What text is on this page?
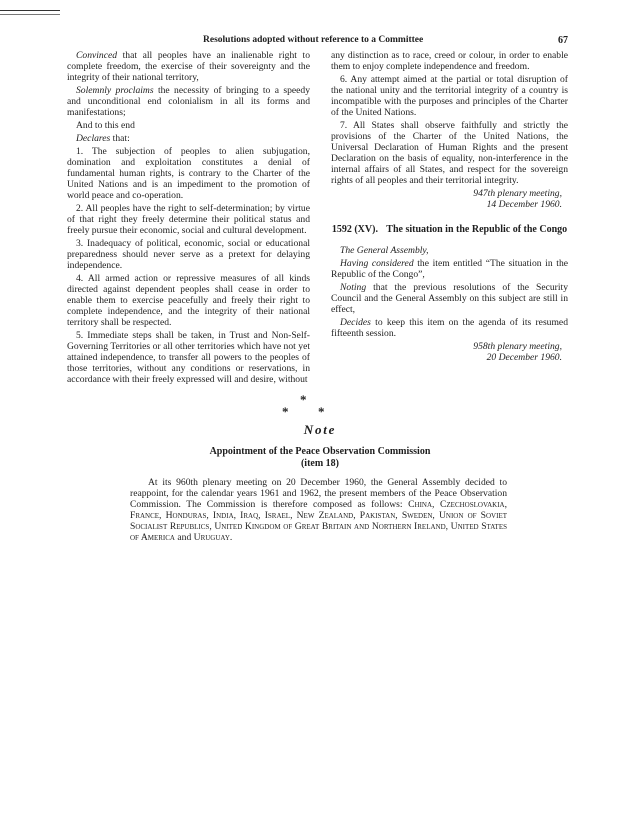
Resolutions adopted without reference to a Committee	67

Convinced that all peoples have an inalienable right to complete freedom, the exercise of their sovereignty and the integrity of their national territory,

Solemnly proclaims the necessity of bringing to a speedy and unconditional end colonialism in all its forms and manifestations;

And to this end

Declares that:

1. The subjection of peoples to alien subjugation, domination and exploitation constitutes a denial of fundamental human rights, is contrary to the Charter of the United Nations and is an impediment to the promotion of world peace and co-operation.

2. All peoples have the right to self-determination; by virtue of that right they freely determine their political status and freely pursue their economic, social and cultural development.

3. Inadequacy of political, economic, social or educational preparedness should never serve as a pretext for delaying independence.

4. All armed action or repressive measures of all kinds directed against dependent peoples shall cease in order to enable them to exercise peacefully and freely their right to complete independence, and the integrity of their national territory shall be respected.

5. Immediate steps shall be taken, in Trust and Non-Self-Governing Territories or all other territories which have not yet attained independence, to transfer all powers to the peoples of those territories, without any conditions or reservations, in accordance with their freely expressed will and desire, without

any distinction as to race, creed or colour, in order to enable them to enjoy complete independence and freedom.

6. Any attempt aimed at the partial or total disruption of the national unity and the territorial integrity of a country is incompatible with the purposes and principles of the Charter of the United Nations.

7. All States shall observe faithfully and strictly the provisions of the Charter of the United Nations, the Universal Declaration of Human Rights and the present Declaration on the basis of equality, non-interference in the internal affairs of all States, and respect for the sovereign rights of all peoples and their territorial integrity.

947th plenary meeting,
14 December 1960.
1592 (XV). The situation in the Republic of the Congo

The General Assembly,

Having considered the item entitled “The situation in the Republic of the Congo”,

Noting that the previous resolutions of the Security Council and the General Assembly on this subject are still in effect,

Decides to keep this item on the agenda of its resumed fifteenth session.

958th plenary meeting,
20 December 1960.
*
* *
Note
Appointment of the Peace Observation Commission
(item 18)

At its 960th plenary meeting on 20 December 1960, the General Assembly decided to reappoint, for the calendar years 1961 and 1962, the present members of the Peace Observation Commission. The Commission is therefore composed as follows: China, Czechoslovakia, France, Honduras, India, Iraq, Israel, New Zealand, Pakistan, Sweden, Union of Soviet Socialist Republics, United Kingdom of Great Britain and Northern Ireland, United States of America and Uruguay.
